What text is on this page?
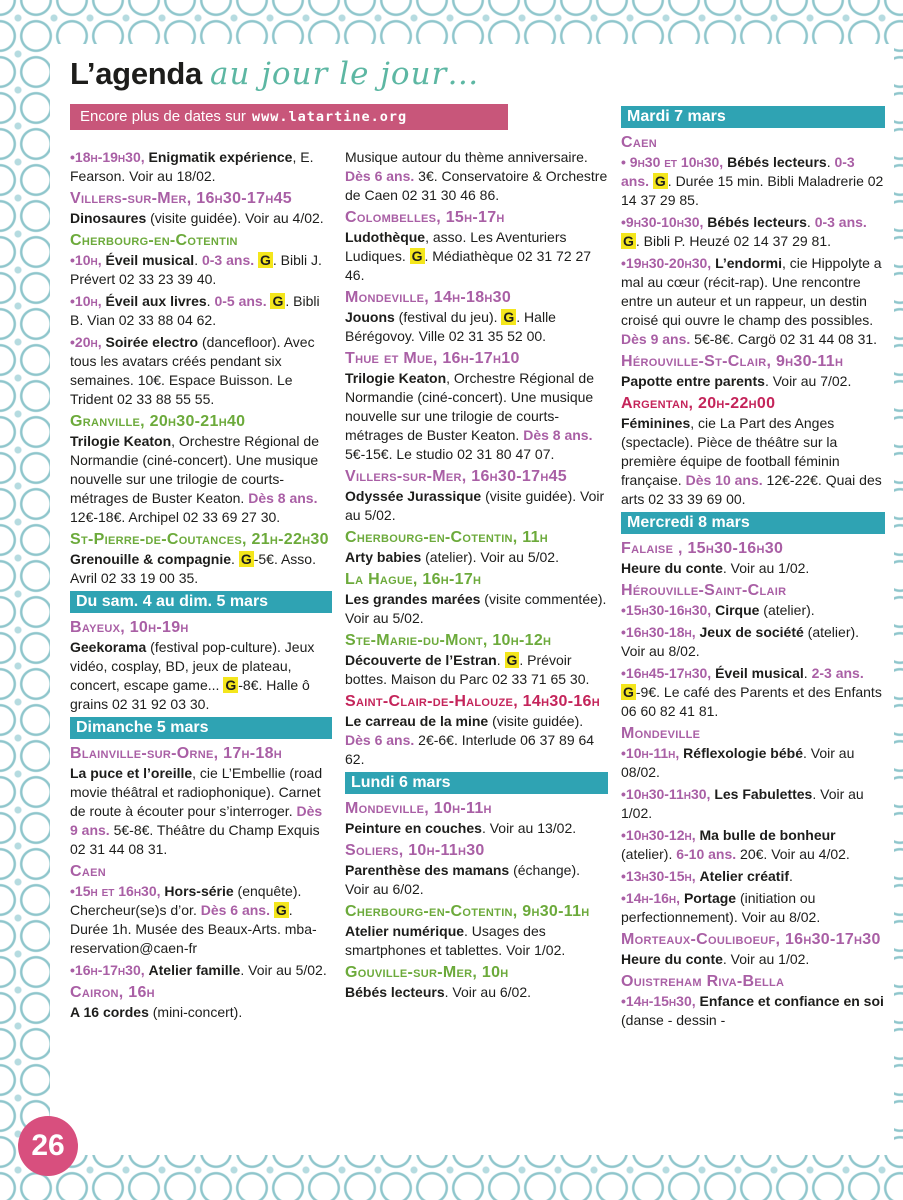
L’agenda au jour le jour…
Encore plus de dates sur www.latartine.org

•18h-19h30, Enigmatik expérience, E. Fearson. Voir au 18/02.

Villers-sur-Mer, 16h30-17h45

Dinosaures (visite guidée). Voir au 4/02.

Cherbourg-en-Cotentin

•10h, Éveil musical. 0-3 ans. G . Bibli J. Prévert 02 33 23 39 40.

•10h, Éveil aux livres. 0-5 ans. G . Bibli B. Vian 02 33 88 04 62.

•20h, Soirée electro (dancefloor). Avec tous les avatars créés pendant six semaines. 10€. Espace Buisson. Le Trident 02 33 88 55 55.

Granville, 20h30-21h40

Trilogie Keaton, Orchestre Régional de Normandie (ciné-concert). Une musique nouvelle sur une trilogie de courts-métrages de Buster Keaton. Dès 8 ans. 12€-18€. Archipel 02 33 69 27 30.

St-Pierre-de-Coutances, 21h-22h30

Grenouille & compagnie. G -5€. Asso. Avril 02 33 19 00 35.

Du sam. 4 au dim. 5 mars
Bayeux, 10h-19h

Geekorama (festival pop-culture). Jeux vidéo, cosplay, BD, jeux de plateau, concert, escape game... G -8€. Halle ô grains 02 31 92 03 30.

Dimanche 5 mars
Blainville-sur-Orne, 17h-18h

La puce et l’oreille, cie L’Embellie (road movie théâtral et radiophonique). Carnet de route à écouter pour s’interroger. Dès 9 ans. 5€-8€. Théâtre du Champ Exquis 02 31 44 08 31.

Caen

•15h et 16h30, Hors-série (enquête). Chercheur(se)s d’or. Dès 6 ans. G . Durée 1h. Musée des Beaux-Arts. mba-reservation@caen-fr

•16h-17h30, Atelier famille. Voir au 5/02.

Cairon, 16h

A 16 cordes (mini-concert).

Musique autour du thème anniversaire. Dès 6 ans. 3€. Conservatoire & Orchestre de Caen 02 31 30 46 86.

Colombelles, 15h-17h

Ludothèque, asso. Les Aventuriers Ludiques. G . Médiathèque 02 31 72 27 46.

Mondeville, 14h-18h30

Jouons (festival du jeu). G . Halle Bérégovoy. Ville 02 31 35 52 00.

Thue et Mue, 16h-17h10

Trilogie Keaton, Orchestre Régional de Normandie (ciné-concert). Une musique nouvelle sur une trilogie de courts-métrages de Buster Keaton. Dès 8 ans. 5€-15€. Le studio 02 31 80 47 07.

Villers-sur-Mer, 16h30-17h45

Odyssée Jurassique (visite guidée). Voir au 5/02.

Cherbourg-en-Cotentin, 11h

Arty babies (atelier). Voir au 5/02.

La Hague, 16h-17h

Les grandes marées (visite commentée). Voir au 5/02.

Ste-Marie-du-Mont, 10h-12h

Découverte de l’Estran. G . Prévoir bottes. Maison du Parc 02 33 71 65 30.

Saint-Clair-de-Halouze, 14h30-16h

Le carreau de la mine (visite guidée). Dès 6 ans. 2€-6€. Interlude 06 37 89 64 62.

Lundi 6 mars
Mondeville, 10h-11h

Peinture en couches. Voir au 13/02.

Soliers, 10h-11h30

Parenthèse des mamans (échange). Voir au 6/02.

Cherbourg-en-Cotentin, 9h30-11h

Atelier numérique. Usages des smartphones et tablettes. Voir 1/02.

Gouville-sur-Mer, 10h

Bébés lecteurs. Voir au 6/02.

Mardi 7 mars
Caen

• 9h30 et 10h30, Bébés lecteurs. 0-3 ans. G . Durée 15 min. Bibli Maladrerie 02 14 37 29 85.

•9h30-10h30, Bébés lecteurs. 0-3 ans. G . Bibli P. Heuzé 02 14 37 29 81.

•19h30-20h30, L’endormi, cie Hippolyte a mal au cœur (récit-rap). Une rencontre entre un auteur et un rappeur, un destin croisé qui ouvre le champ des possibles. Dès 9 ans. 5€-8€. Cargö 02 31 44 08 31.

Hérouville-St-Clair, 9h30-11h

Papotte entre parents. Voir au 7/02.

Argentan, 20h-22h00

Féminines, cie La Part des Anges (spectacle). Pièce de théâtre sur la première équipe de football féminin française. Dès 10 ans. 12€-22€. Quai des arts 02 33 39 69 00.

Mercredi 8 mars
Falaise , 15h30-16h30

Heure du conte. Voir au 1/02.

Hérouville-Saint-Clair

•15h30-16h30, Cirque (atelier).

•16h30-18h, Jeux de société (atelier). Voir au 8/02.

•16h45-17h30, Éveil musical. 2-3 ans. G -9€. Le café des Parents et des Enfants 06 60 82 41 81.

Mondeville

•10h-11h, Réflexologie bébé. Voir au 08/02.

•10h30-11h30, Les Fabulettes. Voir au 1/02.

•10h30-12h, Ma bulle de bonheur (atelier). 6-10 ans. 20€. Voir au 4/02.

•13h30-15h, Atelier créatif.

•14h-16h, Portage (initiation ou perfectionnement). Voir au 8/02.

Morteaux-Couliboeuf, 16h30-17h30

Heure du conte. Voir au 1/02.

Ouistreham Riva-Bella

•14h-15h30, Enfance et confiance en soi (danse - dessin -

26
